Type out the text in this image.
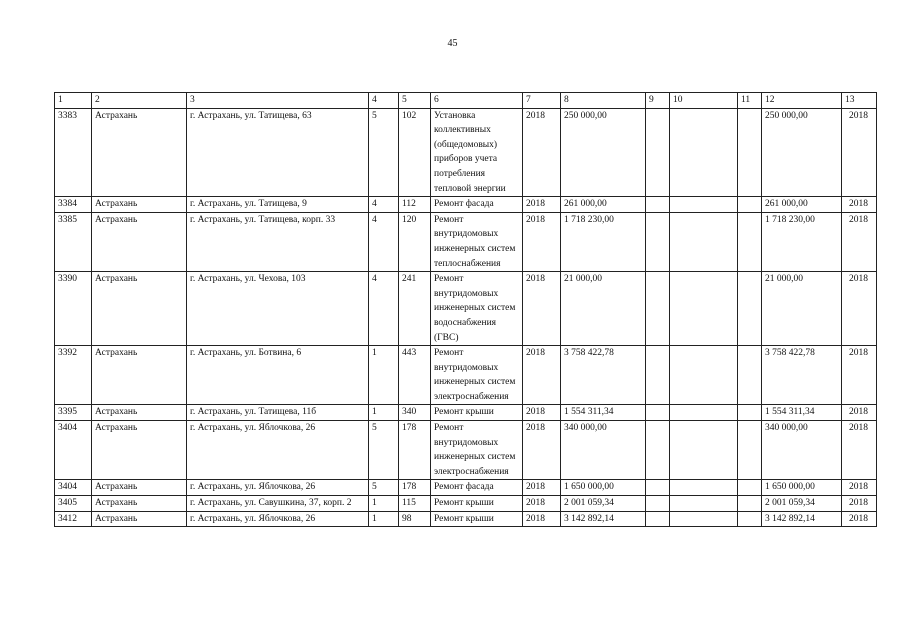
45
1	2	3	4	5	6	7	8	9	10	11	12	13
3383	Астрахань	г. Астрахань, ул. Татищева, 63	5	102	Установка коллективных (общедомовых) приборов учета потребления тепловой энергии	2018	250 000,00				250 000,00	2018
3384	Астрахань	г. Астрахань, ул. Татищева, 9	4	112	Ремонт фасада	2018	261 000,00				261 000,00	2018
3385	Астрахань	г. Астрахань, ул. Татищева, корп. 33	4	120	Ремонт внутридомовых инженерных систем теплоснабжения	2018	1 718 230,00				1 718 230,00	2018
3390	Астрахань	г. Астрахань, ул. Чехова, 103	4	241	Ремонт внутридомовых инженерных систем водоснабжения (ГВС)	2018	21 000,00				21 000,00	2018
3392	Астрахань	г. Астрахань, ул. Ботвина, 6	1	443	Ремонт внутридомовых инженерных систем электроснабжения	2018	3 758 422,78				3 758 422,78	2018
3395	Астрахань	г. Астрахань, ул. Татищева, 11б	1	340	Ремонт крыши	2018	1 554 311,34				1 554 311,34	2018
3404	Астрахань	г. Астрахань, ул. Яблочкова, 26	5	178	Ремонт внутридомовых инженерных систем электроснабжения	2018	340 000,00				340 000,00	2018
3404	Астрахань	г. Астрахань, ул. Яблочкова, 26	5	178	Ремонт фасада	2018	1 650 000,00				1 650 000,00	2018
3405	Астрахань	г. Астрахань, ул. Савушкина, 37, корп. 2	1	115	Ремонт крыши	2018	2 001 059,34				2 001 059,34	2018
3412	Астрахань	г. Астрахань, ул. Яблочкова, 26	1	98	Ремонт крыши	2018	3 142 892,14				3 142 892,14	2018
